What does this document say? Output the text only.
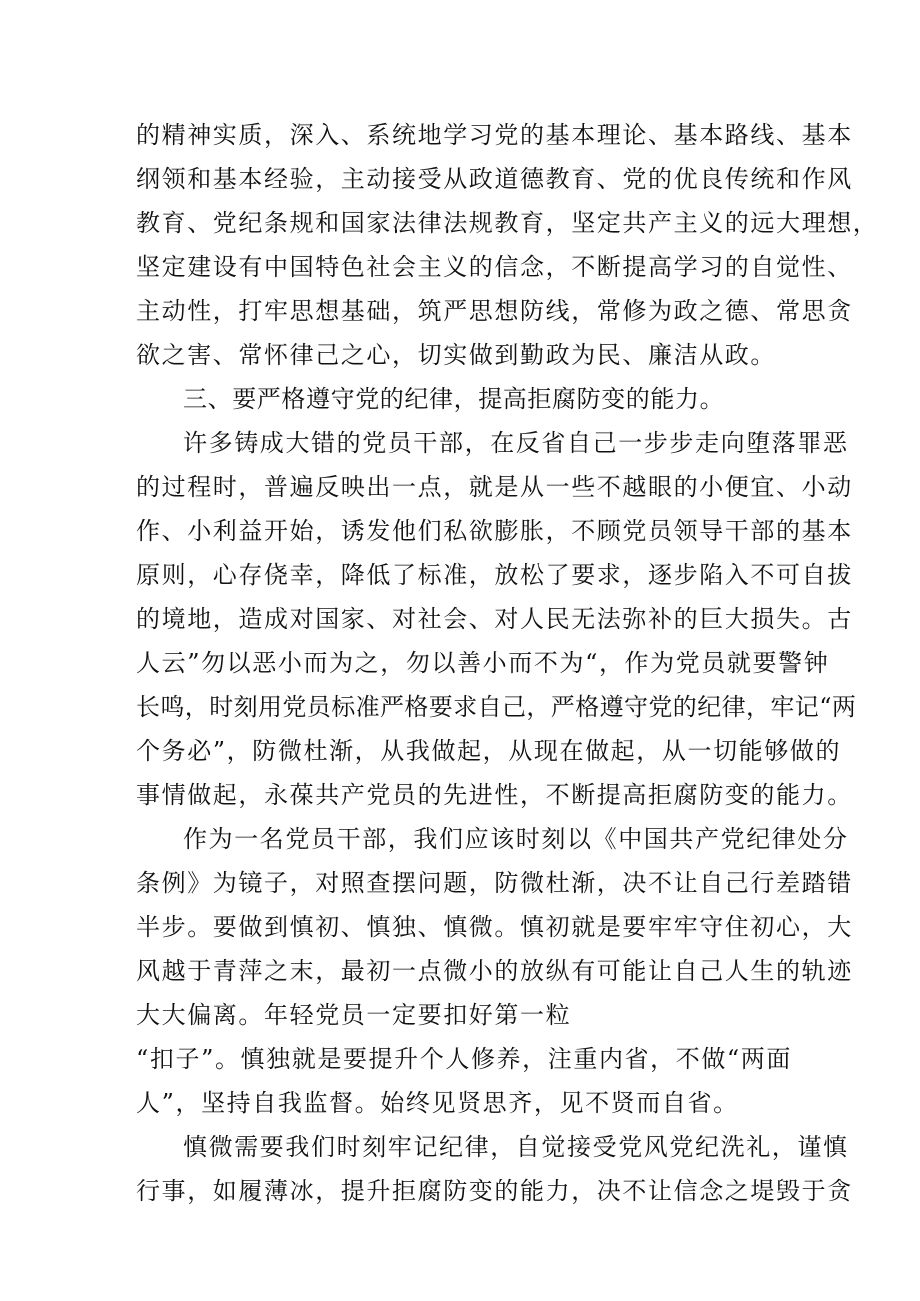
的精神实质，深入、系统地学习党的基本理论、基本路线、基本
纲领和基本经验，主动接受从政道德教育、党的优良传统和作风
教育、党纪条规和国家法律法规教育，坚定共产主义的远大理想，
坚定建设有中国特色社会主义的信念，不断提高学习的自觉性、
主动性，打牢思想基础，筑严思想防线，常修为政之德、常思贪
欲之害、常怀律己之心，切实做到勤政为民、廉洁从政。
三、要严格遵守党的纪律，提高拒腐防变的能力。
许多铸成大错的党员干部，在反省自己一步步走向堕落罪恶
的过程时，普遍反映出一点，就是从一些不越眼的小便宜、小动
作、小利益开始，诱发他们私欲膨胀，不顾党员领导干部的基本
原则，心存侥幸，降低了标准，放松了要求，逐步陷入不可自拔
的境地，造成对国家、对社会、对人民无法弥补的巨大损失。古
人云”勿以恶小而为之，勿以善小而不为“，作为党员就要警钟
长鸣，时刻用党员标准严格要求自己，严格遵守党的纪律，牢记“两
个务必”，防微杜渐，从我做起，从现在做起，从一切能够做的
事情做起，永葆共产党员的先进性，不断提高拒腐防变的能力。
作为一名党员干部，我们应该时刻以《中国共产党纪律处分
条例》为镜子，对照查摆问题，防微杜渐，决不让自己行差踏错
半步。要做到慎初、慎独、慎微。慎初就是要牢牢守住初心，大
风越于青萍之末，最初一点微小的放纵有可能让自己人生的轨迹
大大偏离。年轻党员一定要扣好第一粒
“扣子”。慎独就是要提升个人修养，注重内省，不做“两面
人”，坚持自我监督。始终见贤思齐，见不贤而自省。
慎微需要我们时刻牢记纪律，自觉接受党风党纪洗礼，谨慎
行事，如履薄冰，提升拒腐防变的能力，决不让信念之堤毁于贪
